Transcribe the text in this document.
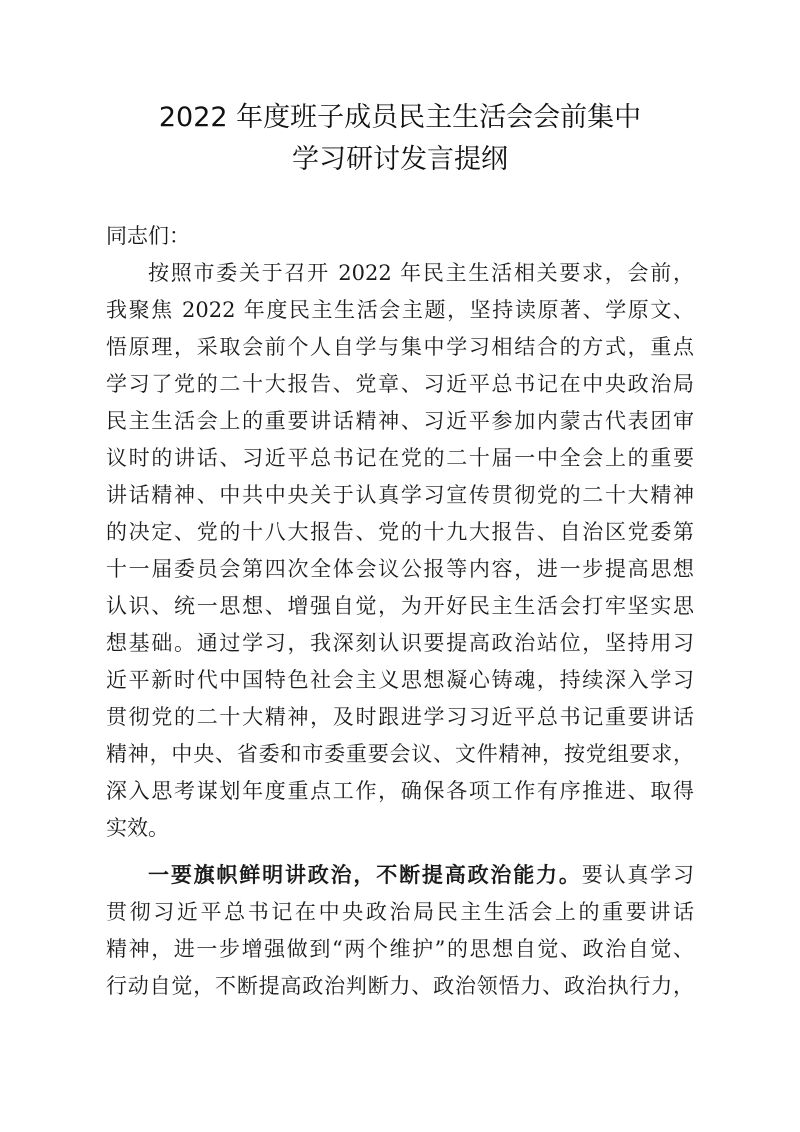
2022 年度班子成员民主生活会会前集中
学习研讨发言提纲
同志们：
按照市委关于召开 2022 年民主生活相关要求，会前，
我聚焦 2022 年度民主生活会主题，坚持读原著、学原文、
悟原理，采取会前个人自学与集中学习相结合的方式，重点
学习了党的二十大报告、党章、习近平总书记在中央政治局
民主生活会上的重要讲话精神、习近平参加内蒙古代表团审
议时的讲话、习近平总书记在党的二十届一中全会上的重要
讲话精神、中共中央关于认真学习宣传贯彻党的二十大精神
的决定、党的十八大报告、党的十九大报告、自治区党委第
十一届委员会第四次全体会议公报等内容，进一步提高思想
认识、统一思想、增强自觉，为开好民主生活会打牢坚实思
想基础。通过学习，我深刻认识要提高政治站位，坚持用习
近平新时代中国特色社会主义思想凝心铸魂，持续深入学习
贯彻党的二十大精神，及时跟进学习习近平总书记重要讲话
精神，中央、省委和市委重要会议、文件精神，按党组要求，
深入思考谋划年度重点工作，确保各项工作有序推进、取得
实效。
一要旗帜鲜明讲政治，不断提高政治能力。要认真学习
贯彻习近平总书记在中央政治局民主生活会上的重要讲话
精神，进一步增强做到“两个维护”的思想自觉、政治自觉、
行动自觉，不断提高政治判断力、政治领悟力、政治执行力，
